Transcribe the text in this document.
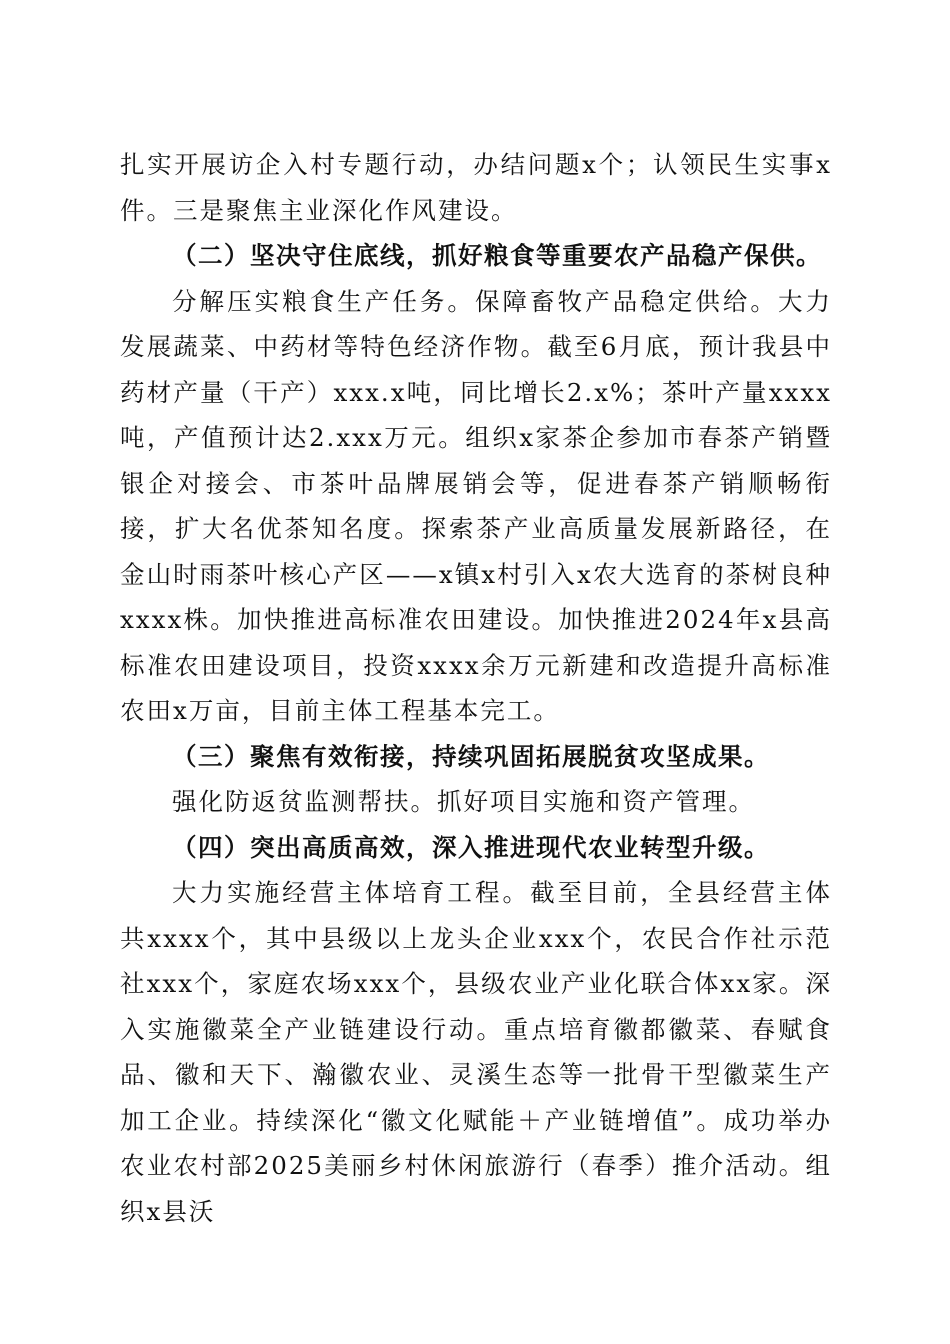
扎实开展访企入村专题行动，办结问题x个；认领民生实事x件。三是聚焦主业深化作风建设。

（二）坚决守住底线，抓好粮食等重要农产品稳产保供。

分解压实粮食生产任务。保障畜牧产品稳定供给。大力发展蔬菜、中药材等特色经济作物。截至6月底，预计我县中药材产量（干产）xxx.x吨，同比增长2.x%；茶叶产量xxxx吨，产值预计达2.xxx万元。组织x家茶企参加市春茶产销暨银企对接会、市茶叶品牌展销会等，促进春茶产销顺畅衔接，扩大名优茶知名度。探索茶产业高质量发展新路径，在金山时雨茶叶核心产区——x镇x村引入x农大选育的茶树良种xxxx株。加快推进高标准农田建设。加快推进2024年x县高标准农田建设项目，投资xxxx余万元新建和改造提升高标准农田x万亩，目前主体工程基本完工。

（三）聚焦有效衔接，持续巩固拓展脱贫攻坚成果。

强化防返贫监测帮扶。抓好项目实施和资产管理。

（四）突出高质高效，深入推进现代农业转型升级。

大力实施经营主体培育工程。截至目前，全县经营主体共xxxx个，其中县级以上龙头企业xxx个，农民合作社示范社xxx个，家庭农场xxx个，县级农业产业化联合体xx家。深入实施徽菜全产业链建设行动。重点培育徽都徽菜、春赋食品、徽和天下、瀚徽农业、灵溪生态等一批骨干型徽菜生产加工企业。持续深化“徽文化赋能＋产业链增值”。成功举办农业农村部2025美丽乡村休闲旅游行（春季）推介活动。组织x县沃
